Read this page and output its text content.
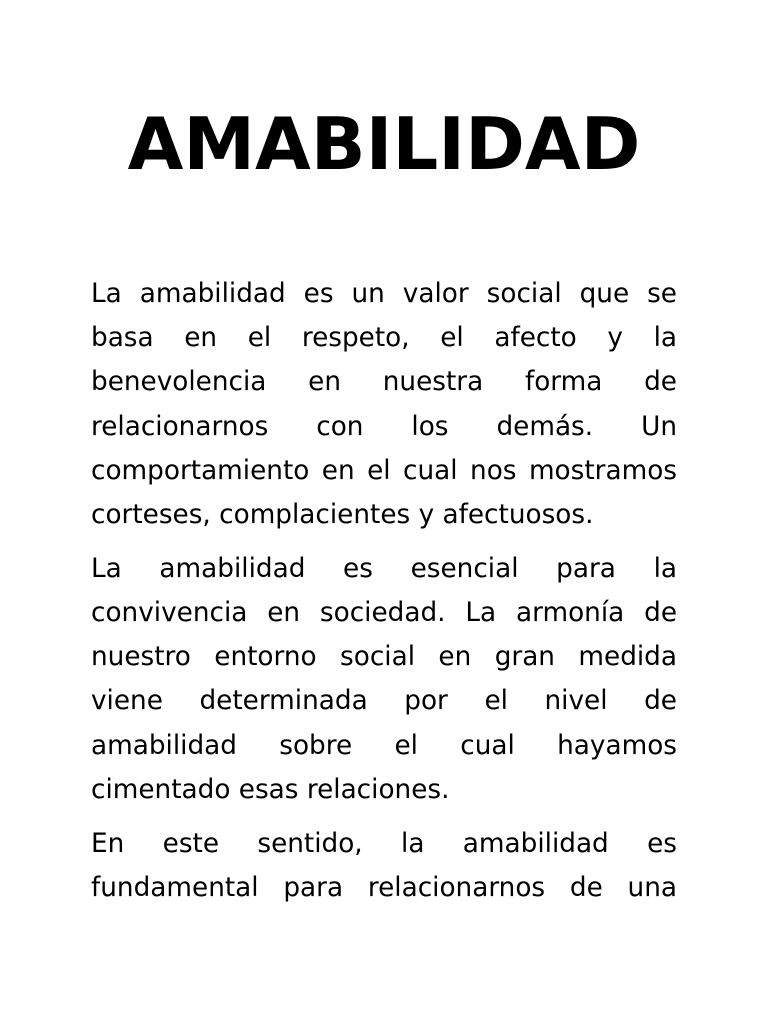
AMABILIDAD

La amabilidad es un valor social que se basa en el respeto, el afecto y la benevolencia en nuestra forma de relacionarnos con los demás. Un comportamiento en el cual nos mostramos corteses, complacientes y afectuosos.

La amabilidad es esencial para la convivencia en sociedad. La armonía de nuestro entorno social en gran medida viene determinada por el nivel de amabilidad sobre el cual hayamos cimentado esas relaciones.

En este sentido, la amabilidad es fundamental para relacionarnos de una
